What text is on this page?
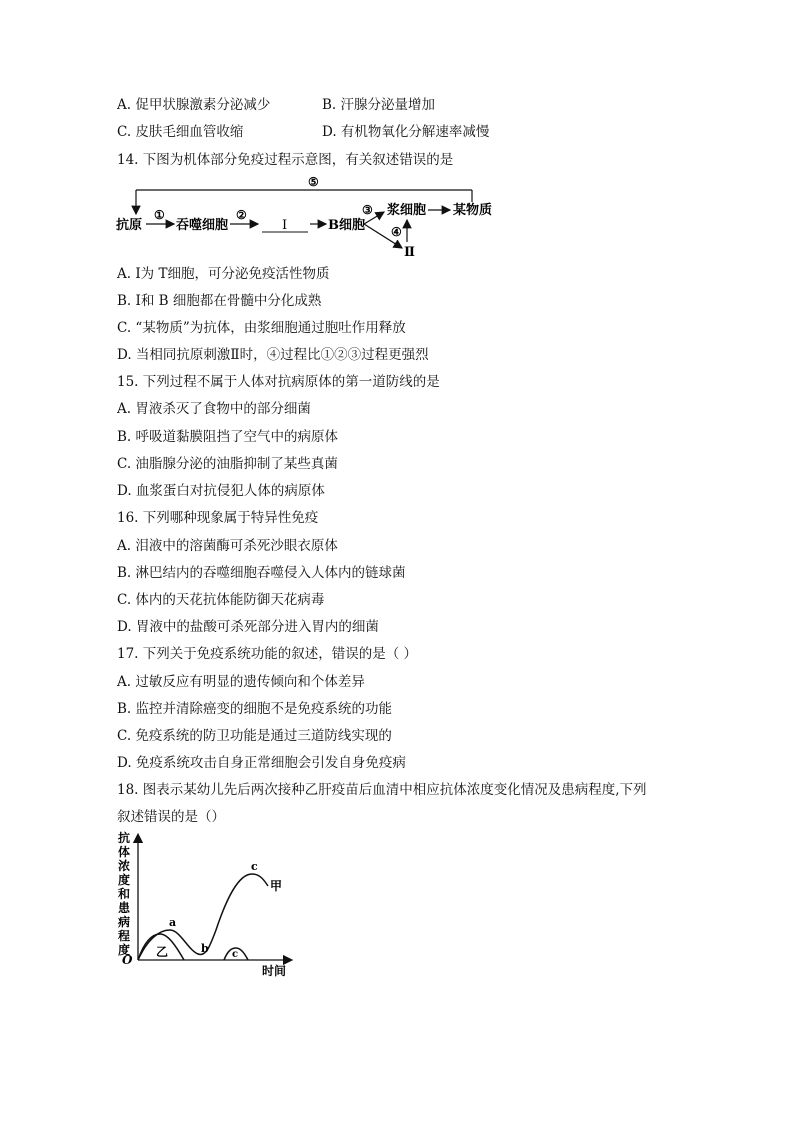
A. 促甲状腺激素分泌减少	B. 汗腺分泌量增加
C. 皮肤毛细血管收缩	D. 有机物氧化分解速率减慢
14. 下图为机体部分免疫过程示意图，有关叙述错误的是
⑤
抗原
①
吞噬细胞
②
I	B细胞
③ 浆细胞 某物质
④
Ⅱ
A. I为 T细胞，可分泌免疫活性物质
B. I和 B 细胞都在骨髓中分化成熟
C. “某物质”为抗体，由浆细胞通过胞吐作用释放
D. 当相同抗原刺激Ⅱ时，④过程比①②③过程更强烈
15. 下列过程不属于人体对抗病原体的第一道防线的是
A. 胃液杀灭了食物中的部分细菌
B. 呼吸道黏膜阻挡了空气中的病原体
C. 油脂腺分泌的油脂抑制了某些真菌
D. 血浆蛋白对抗侵犯人体的病原体
16. 下列哪种现象属于特异性免疫
A. 泪液中的溶菌酶可杀死沙眼衣原体
B. 淋巴结内的吞噬细胞吞噬侵入人体内的链球菌
C. 体内的天花抗体能防御天花病毒
D. 胃液中的盐酸可杀死部分进入胃内的细菌
17. 下列关于免疫系统功能的叙述，错误的是（ ）
A. 过敏反应有明显的遗传倾向和个体差异
B. 监控并清除癌变的细胞不是免疫系统的功能
C. 免疫系统的防卫功能是通过三道防线实现的
D. 免疫系统攻击自身正常细胞会引发自身免疫病
18. 图表示某幼儿先后两次接种乙肝疫苗后血清中相应抗体浓度变化情况及患病程度,下列
叙述错误的是（）
抗
体
浓
度
和
患
病
程
度
O
时间
a
b
c
c
甲
乙
